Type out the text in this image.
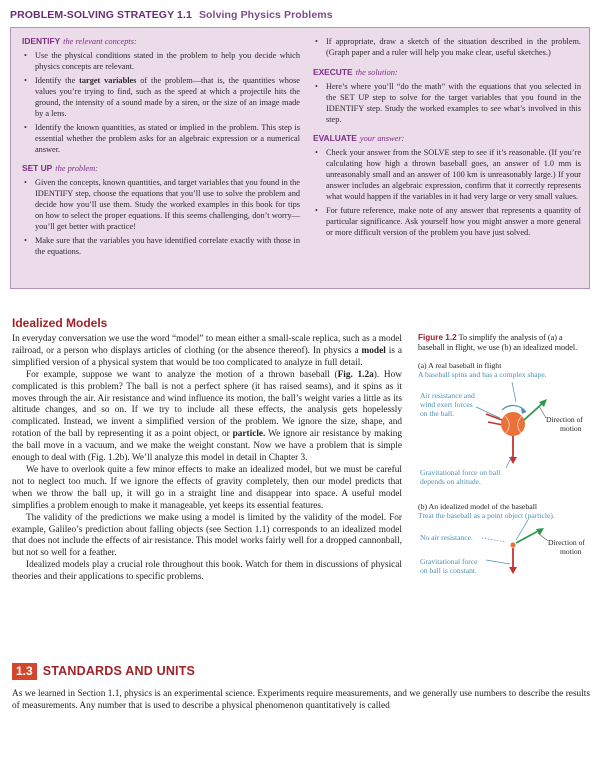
PROBLEM-SOLVING STRATEGY 1.1 Solving Physics Problems
IDENTIFY the relevant concepts:
• Use the physical conditions stated in the problem to help you decide which physics concepts are relevant.
• Identify the target variables of the problem—that is, the quantities whose values you’re trying to find, such as the speed at which a projectile hits the ground, the intensity of a sound made by a siren, or the size of an image made by a lens.
• Identify the known quantities, as stated or implied in the problem. This step is essential whether the problem asks for an algebraic expression or a numerical answer.
SET UP the problem:
• Given the concepts, known quantities, and target variables that you found in the IDENTIFY step, choose the equations that you’ll use to solve the problem and decide how you’ll use them. Study the worked examples in this book for tips on how to select the proper equations. If this seems challenging, don’t worry—you’ll get better with practice!
• Make sure that the variables you have identified correlate exactly with those in the equations.
• If appropriate, draw a sketch of the situation described in the problem. (Graph paper and a ruler will help you make clear, useful sketches.)
EXECUTE the solution:
• Here’s where you’ll “do the math” with the equations that you selected in the SET UP step to solve for the target variables that you found in the IDENTIFY step. Study the worked examples to see what’s involved in this step.
EVALUATE your answer:
• Check your answer from the SOLVE step to see if it’s reasonable. (If you’re calculating how high a thrown baseball goes, an answer of 1.0 mm is unreasonably small and an answer of 100 km is unreasonably large.) If your answer includes an algebraic expression, confirm that it correctly represents what would happen if the variables in it had very large or very small values.
• For future reference, make note of any answer that represents a quantity of particular significance. Ask yourself how you might answer a more general or more difficult version of the problem you have just solved.
Idealized Models

In everyday conversation we use the word “model” to mean either a small-scale replica, such as a model railroad, or a person who displays articles of clothing (or the absence thereof). In physics a model is a simplified version of a physical system that would be too complicated to analyze in full detail.

For example, suppose we want to analyze the motion of a thrown baseball (Fig. 1.2a). How complicated is this problem? The ball is not a perfect sphere (it has raised seams), and it spins as it moves through the air. Air resistance and wind influence its motion, the ball’s weight varies a little as its altitude changes, and so on. If we try to include all these effects, the analysis gets hopelessly complicated. Instead, we invent a simplified version of the problem. We ignore the size, shape, and rotation of the ball by representing it as a point object, or particle. We ignore air resistance by making the ball move in a vacuum, and we make the weight constant. Now we have a problem that is simple enough to deal with (Fig. 1.2b). We’ll analyze this model in detail in Chapter 3.

We have to overlook quite a few minor effects to make an idealized model, but we must be careful not to neglect too much. If we ignore the effects of gravity completely, then our model predicts that when we throw the ball up, it will go in a straight line and disappear into space. A useful model simplifies a problem enough to make it manageable, yet keeps its essential features.

The validity of the predictions we make using a model is limited by the validity of the model. For example, Galileo’s prediction about falling objects (see Section 1.1) corresponds to an idealized model that does not include the effects of air resistance. This model works fairly well for a dropped cannonball, but not so well for a feather.

Idealized models play a crucial role throughout this book. Watch for them in discussions of physical theories and their applications to specific problems.

Figure 1.2 To simplify the analysis of (a) a baseball in flight, we use (b) an idealized model.
(a) A real baseball in flight
A baseball spins and has a complex shape.
Air resistance and
wind exert forces
on the ball.
Direction of
motion
Gravitational force on ball
depends on altitude.
(b) An idealized model of the baseball
Treat the baseball as a point object (particle).
No air resistance.
Direction of
motion
Gravitational force
on ball is constant.
1.3 STANDARDS AND UNITS
As we learned in Section 1.1, physics is an experimental science. Experiments require measurements, and we generally use numbers to describe the results of measurements. Any number that is used to describe a physical phenomenon quantitatively is called
